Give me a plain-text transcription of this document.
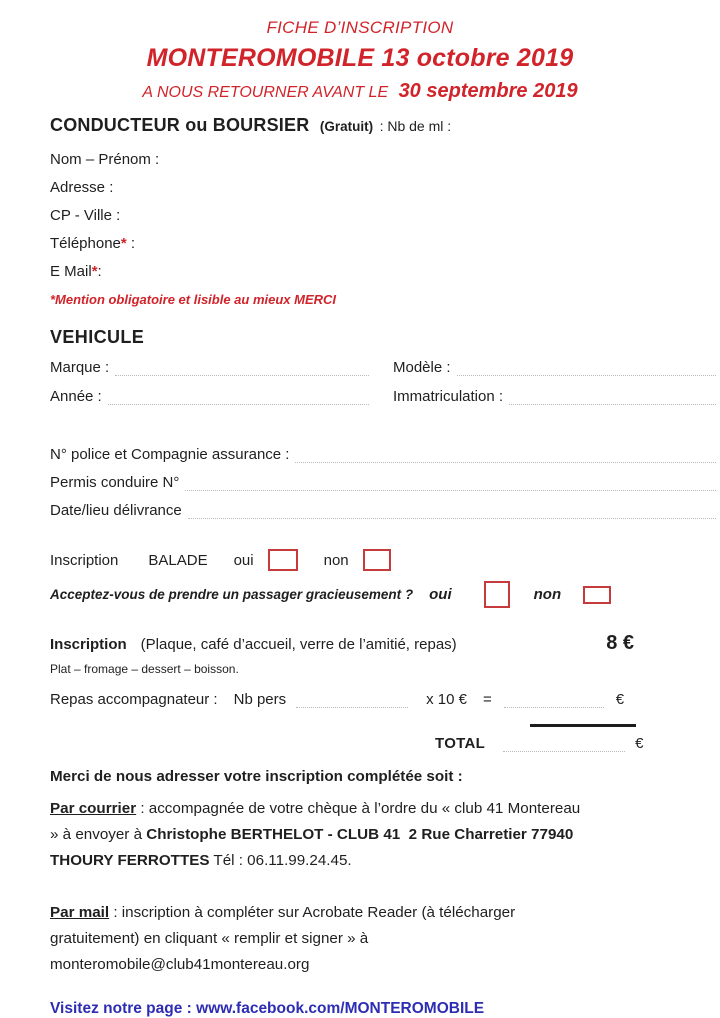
FICHE D’INSCRIPTION
MONTEROMOBILE 13 octobre 2019
A NOUS RETOURNER AVANT LE 30 septembre 2019
CONDUCTEUR ou BOURSIER (Gratuit) : Nb de ml :
Nom – Prénom :
Adresse :
CP - Ville :
Téléphone* :
E Mail*:
*Mention obligatoire et lisible au mieux MERCI
VEHICULE
Marque :	Modèle :
Année :	Immatriculation :
N° police et Compagnie assurance :
Permis conduire N°
Date/lieu délivrance
Inscription BALADE oui	non
Acceptez-vous de prendre un passager gracieusement ? oui	non
Inscription (Plaque, café d’accueil, verre de l’amitié, repas)	8 €
Plat – fromage – dessert – boisson.
Repas accompagnateur : Nb pers	x 10 € =	€
TOTAL	€
Merci de nous adresser votre inscription complétée soit :
Par courrier : accompagnée de votre chèque à l’ordre du « club 41 Montereau » à envoyer à Christophe BERTHELOT - CLUB 41  2 Rue Charretier 77940 THOURY FERROTTES Tél : 06.11.99.24.45.
Par mail : inscription à compléter sur Acrobate Reader (à télécharger gratuitement) en cliquant « remplir et signer » à monteromobile@club41montereau.org
Visitez notre page : www.facebook.com/MONTEROMOBILE
